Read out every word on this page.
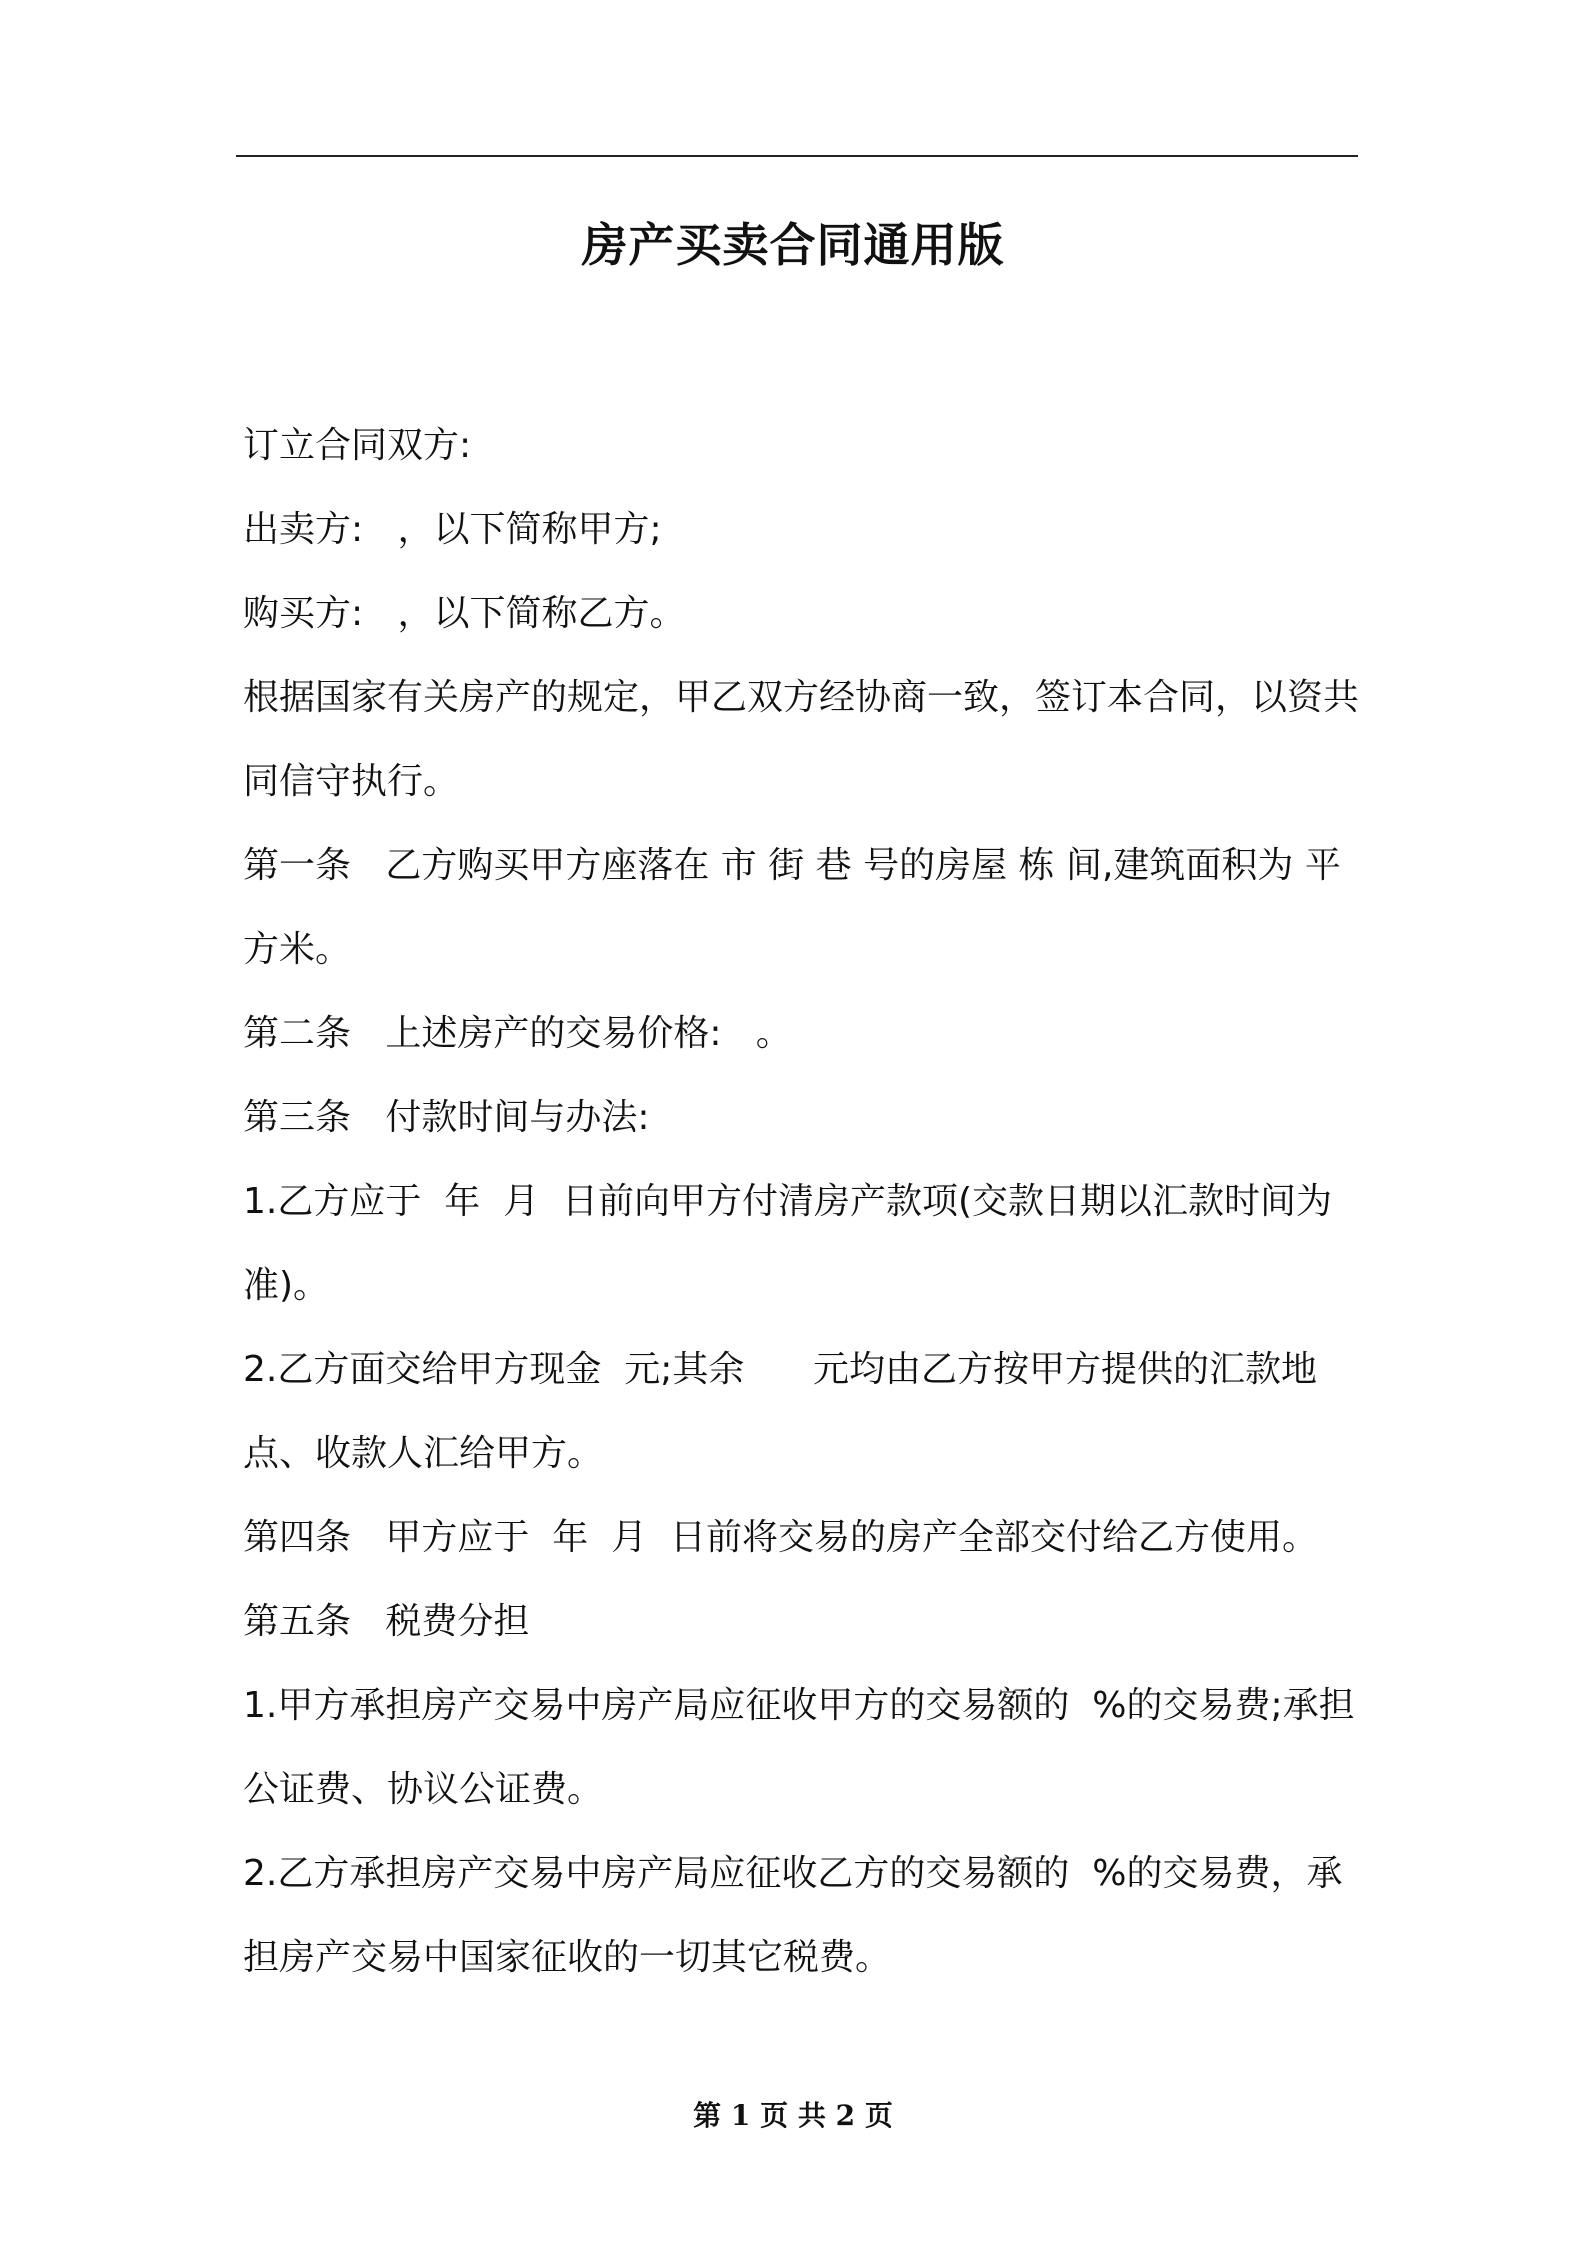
房产买卖合同通用版

订立合同双方:

出卖方:   ，以下简称甲方;

购买方:   ，以下简称乙方。

根据国家有关房产的规定，甲乙双方经协商一致，签订本合同，以资共同信守执行。

第一条   乙方购买甲方座落在 市 街 巷 号的房屋 栋 间,建筑面积为 平方米。

第二条   上述房产的交易价格:   。

第三条   付款时间与办法:

1.乙方应于  年  月  日前向甲方付清房产款项(交款日期以汇款时间为准)。

2.乙方面交给甲方现金  元;其余      元均由乙方按甲方提供的汇款地点、收款人汇给甲方。

第四条   甲方应于  年  月  日前将交易的房产全部交付给乙方使用。

第五条   税费分担

1.甲方承担房产交易中房产局应征收甲方的交易额的  %的交易费;承担公证费、协议公证费。

2.乙方承担房产交易中房产局应征收乙方的交易额的  %的交易费，承担房产交易中国家征收的一切其它税费。

第 1 页 共 2 页
